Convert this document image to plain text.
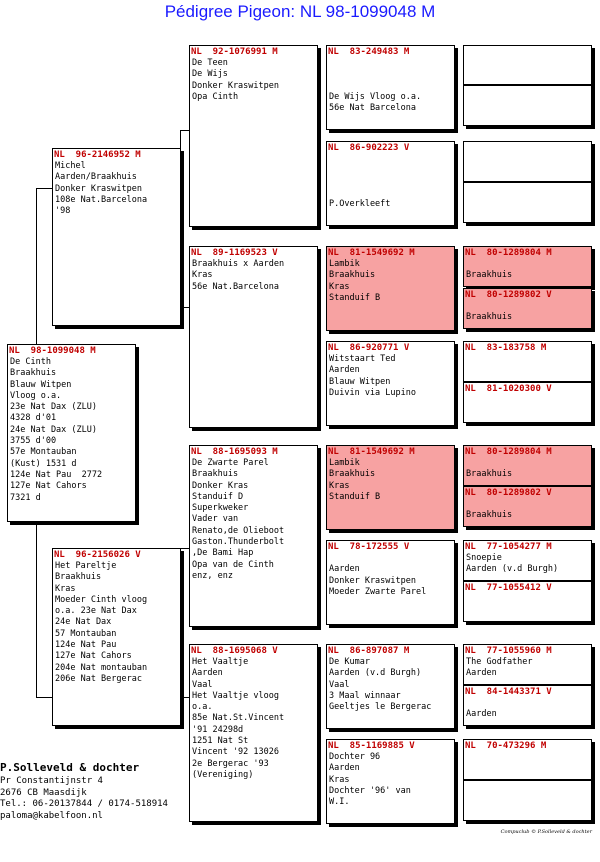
Pédigree Pigeon: NL 98-1099048 M
NL  98-1099048 M
De Cinth
Braakhuis
Blauw Witpen
Vloog o.a.
23e Nat Dax (ZLU)
4328 d'01
24e Nat Dax (ZLU)
3755 d'00
57e Montauban
(Kust) 1531 d
124e Nat Pau  2772
127e Nat Cahors
7321 d
NL  96-2146952 M
Michel
Aarden/Braakhuis
Donker Kraswitpen
108e Nat.Barcelona
'98
NL  96-2156026 V
Het Pareltje
Braakhuis
Kras
Moeder Cinth vloog
o.a. 23e Nat Dax
24e Nat Dax
57 Montauban
124e Nat Pau
127e Nat Cahors
204e Nat montauban
206e Nat Bergerac
NL  92-1076991 M
De Teen
De Wijs
Donker Kraswitpen
Opa Cinth
NL  89-1169523 V
Braakhuis x Aarden
Kras
56e Nat.Barcelona
NL  88-1695093 M
De Zwarte Parel
Braakhuis
Donker Kras
Standuif D
Superkweker
Vader van
Renato,de Olieboot
Gaston.Thunderbolt
,De Bami Hap
Opa van de Cinth
enz, enz
NL  88-1695068 V
Het Vaaltje
Aarden
Vaal
Het Vaaltje vloog
o.a.
85e Nat.St.Vincent
'91 24298d
1251 Nat St
Vincent '92 13026
2e Bergerac '93
(Vereniging)
NL  83-249483 M

De Wijs Vloog o.a.
56e Nat Barcelona
NL  86-902223 V

P.Overkleeft
NL  81-1549692 M
Lambik
Braakhuis
Kras
Standuif B
NL  86-920771 V
Witstaart Ted
Aarden
Blauw Witpen
Duivin via Lupino
NL  81-1549692 M
Lambik
Braakhuis
Kras
Standuif B
NL  78-172555 V

Aarden
Donker Kraswitpen
Moeder Zwarte Parel
NL  86-897087 M
De Kumar
Aarden (v.d Burgh)
Vaal
3 Maal winnaar
Geeltjes le Bergerac
NL  85-1169885 V
Dochter 96
Aarden
Kras
Dochter '96' van
W.I.
NL  80-1289804 M

Braakhuis
NL  80-1289802 V

Braakhuis
NL  83-183758 M
NL  81-1020300 V
NL  80-1289804 M

Braakhuis
NL  80-1289802 V

Braakhuis
NL  77-1054277 M
Snoepie
Aarden (v.d Burgh)
NL  77-1055412 V
NL  77-1055960 M
The Godfather
Aarden
NL  84-1443371 V

Aarden
NL  70-473296 M
P.Solleveld & dochter
Pr Constantijnstr 4
2676 CB Maasdijk
Tel.: 06-20137844 / 0174-518914
paloma@kabelfoon.nl
Compuclub © P.Solleveld & dochter
